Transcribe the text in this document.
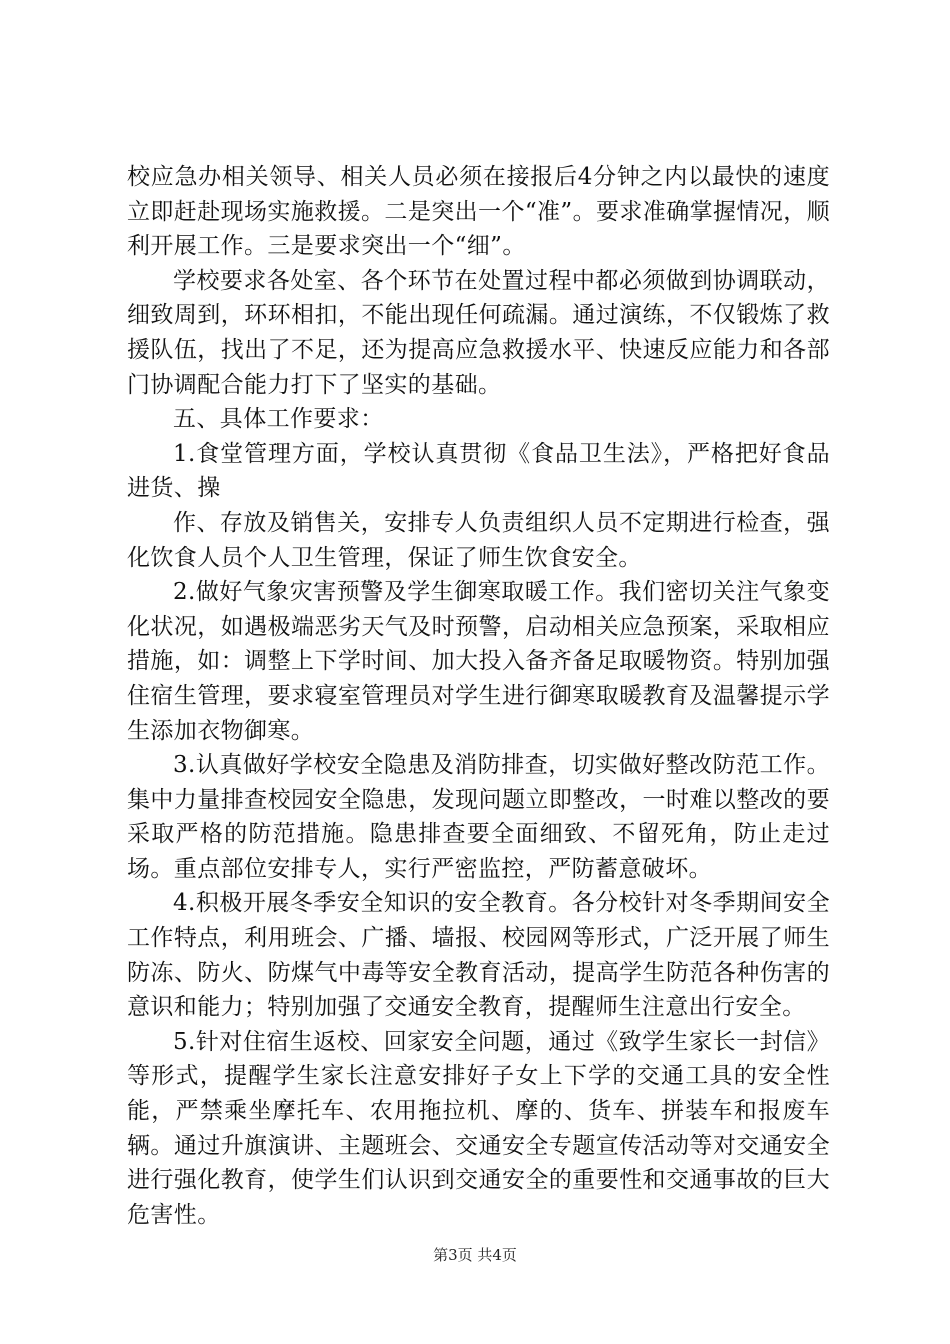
校应急办相关领导、相关人员必须在接报后4分钟之内以最快的速度立即赶赴现场实施救援。二是突出一个“准”。要求准确掌握情况，顺利开展工作。三是要求突出一个“细”。

学校要求各处室、各个环节在处置过程中都必须做到协调联动，细致周到，环环相扣，不能出现任何疏漏。通过演练，不仅锻炼了救援队伍，找出了不足，还为提高应急救援水平、快速反应能力和各部门协调配合能力打下了坚实的基础。

五、具体工作要求：

1.食堂管理方面，学校认真贯彻《食品卫生法》，严格把好食品进货、操

作、存放及销售关，安排专人负责组织人员不定期进行检查，强化饮食人员个人卫生管理，保证了师生饮食安全。

2.做好气象灾害预警及学生御寒取暖工作。我们密切关注气象变化状况，如遇极端恶劣天气及时预警，启动相关应急预案，采取相应措施，如：调整上下学时间、加大投入备齐备足取暖物资。特别加强住宿生管理，要求寝室管理员对学生进行御寒取暖教育及温馨提示学生添加衣物御寒。

3.认真做好学校安全隐患及消防排查，切实做好整改防范工作。集中力量排查校园安全隐患，发现问题立即整改，一时难以整改的要采取严格的防范措施。隐患排查要全面细致、不留死角，防止走过场。重点部位安排专人，实行严密监控，严防蓄意破坏。

4.积极开展冬季安全知识的安全教育。各分校针对冬季期间安全工作特点，利用班会、广播、墙报、校园网等形式，广泛开展了师生防冻、防火、防煤气中毒等安全教育活动，提高学生防范各种伤害的意识和能力；特别加强了交通安全教育，提醒师生注意出行安全。

5.针对住宿生返校、回家安全问题，通过《致学生家长一封信》等形式，提醒学生家长注意安排好子女上下学的交通工具的安全性能，严禁乘坐摩托车、农用拖拉机、摩的、货车、拼装车和报废车辆。通过升旗演讲、主题班会、交通安全专题宣传活动等对交通安全进行强化教育，使学生们认识到交通安全的重要性和交通事故的巨大危害性。

第3页 共4页
